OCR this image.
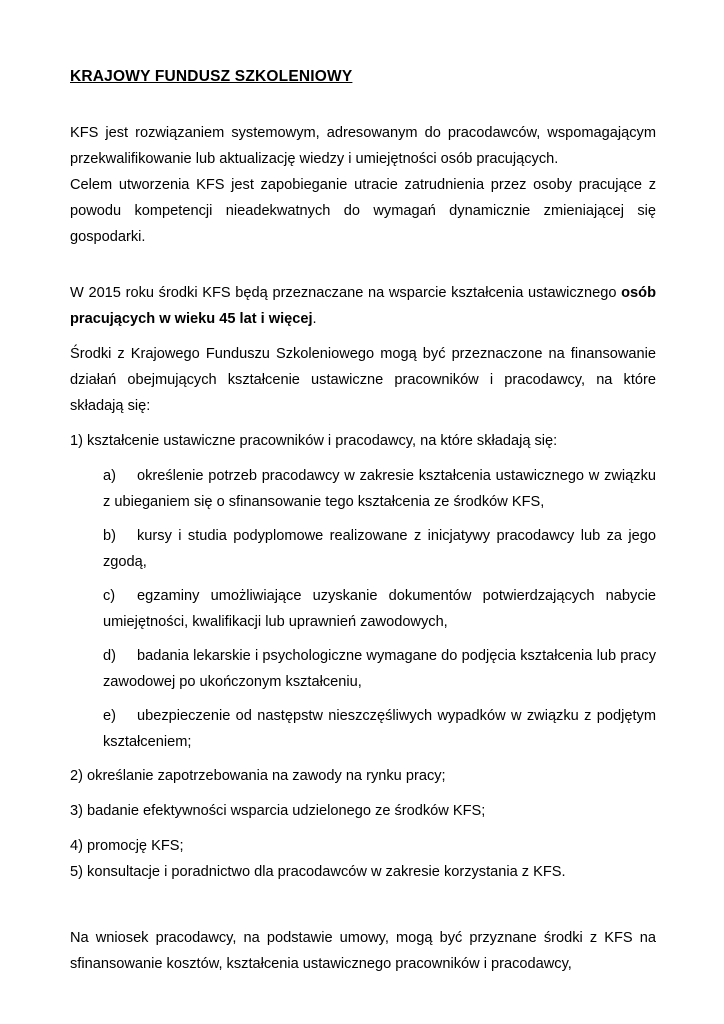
KRAJOWY FUNDUSZ SZKOLENIOWY

KFS jest rozwiązaniem systemowym, adresowanym do pracodawców, wspomagającym przekwalifikowanie lub aktualizację wiedzy i umiejętności osób pracujących.

Celem utworzenia KFS jest zapobieganie utracie zatrudnienia przez osoby pracujące z powodu kompetencji nieadekwatnych do wymagań dynamicznie zmieniającej się gospodarki.

W 2015 roku środki KFS będą przeznaczane na wsparcie kształcenia ustawicznego osób pracujących w wieku 45 lat i więcej.

Środki z Krajowego Funduszu Szkoleniowego mogą być przeznaczone na finansowanie działań obejmujących kształcenie ustawiczne pracowników i pracodawcy, na które składają się:

1) kształcenie ustawiczne pracowników i pracodawcy, na które składają się:
a) określenie potrzeb pracodawcy w zakresie kształcenia ustawicznego w związku z ubieganiem się o sfinansowanie tego kształcenia ze środków KFS,
b) kursy i studia podyplomowe realizowane z inicjatywy pracodawcy lub za jego zgodą,
c) egzaminy umożliwiające uzyskanie dokumentów potwierdzających nabycie umiejętności, kwalifikacji lub uprawnień zawodowych,
d) badania lekarskie i psychologiczne wymagane do podjęcia kształcenia lub pracy zawodowej po ukończonym kształceniu,
e) ubezpieczenie od następstw nieszczęśliwych wypadków w związku z podjętym kształceniem;
2) określanie zapotrzebowania na zawody na rynku pracy;
3) badanie efektywności wsparcia udzielonego ze środków KFS;
4) promocję KFS;
5) konsultacje i poradnictwo dla pracodawców w zakresie korzystania z KFS.

Na wniosek pracodawcy, na podstawie umowy, mogą być przyznane środki z KFS na sfinansowanie kosztów, kształcenia ustawicznego pracowników i pracodawcy,
